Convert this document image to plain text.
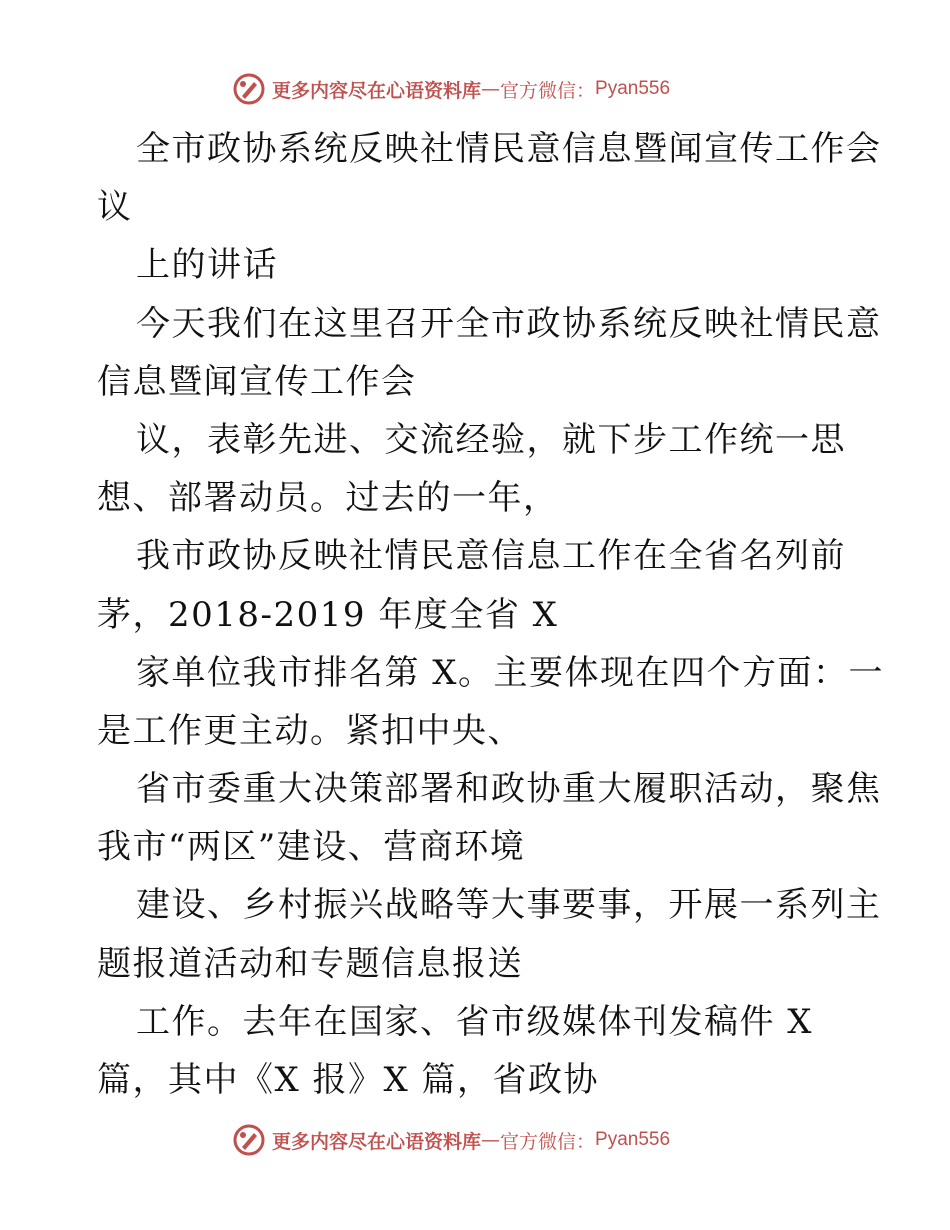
更多内容尽在心语资料库 — 官方微信： Pyan556
全市政协系统反映社情民意信息暨闻宣传工作会
议
上的讲话
今天我们在这里召开全市政协系统反映社情民意
信息暨闻宣传工作会
议，表彰先进、交流经验，就下步工作统一思
想、部署动员。过去的一年，
我市政协反映社情民意信息工作在全省名列前
茅，2018-2019 年度全省 X
家单位我市排名第 X。主要体现在四个方面：一
是工作更主动。紧扣中央、
省市委重大决策部署和政协重大履职活动，聚焦
我市“两区”建设、营商环境
建设、乡村振兴战略等大事要事，开展一系列主
题报道活动和专题信息报送
工作。去年在国家、省市级媒体刊发稿件 X
篇，其中《X 报》X 篇，省政协
更多内容尽在心语资料库 — 官方微信： Pyan556
